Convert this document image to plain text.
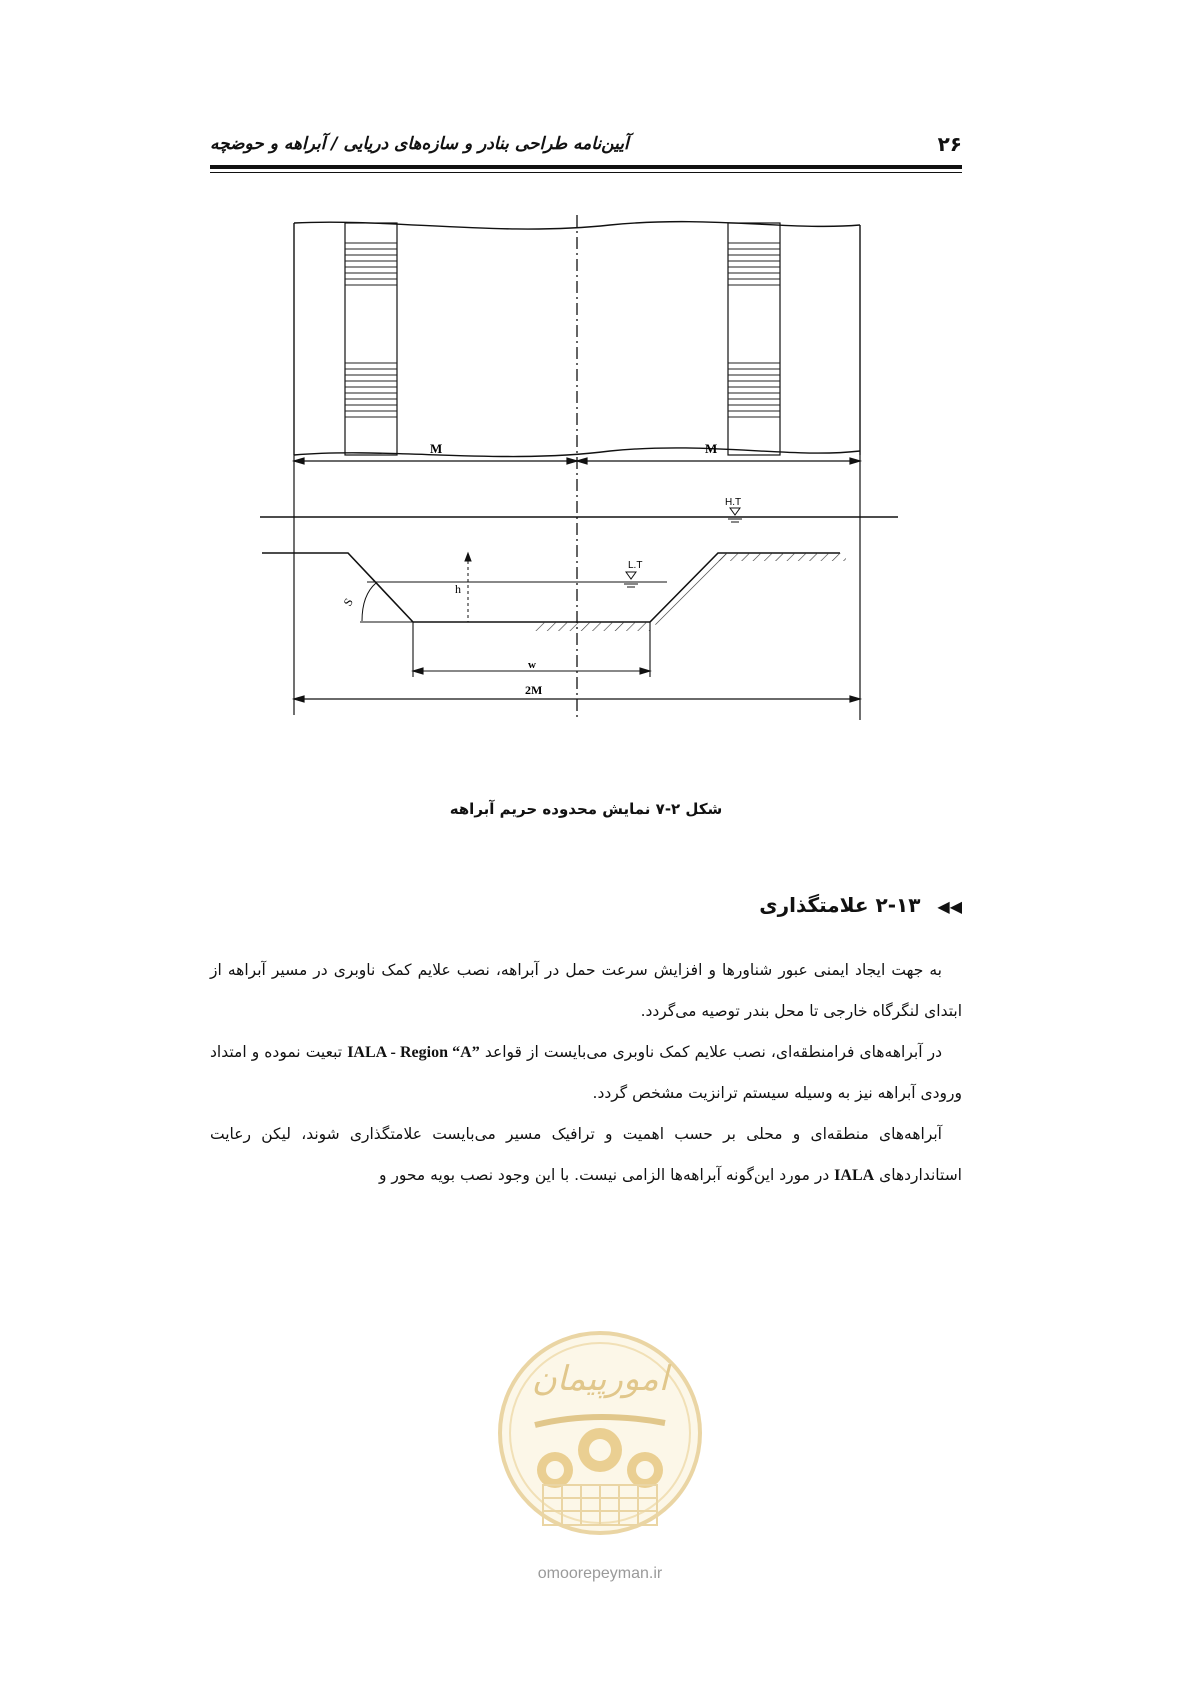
۲۶
آیین‌نامه طراحی بنادر و سازه‌های دریایی / آبراهه و حوضچه
M	M
H.T
L.T
h
S
w
2M
شکل ۲-۷ نمایش محدوده حریم آبراهه
◀◀ ۲-۱۳ علامتگذاری

به جهت ایجاد ایمنی عبور شناورها و افزایش سرعت حمل در آبراهه، نصب علایم کمک ناوبری در مسیر آبراهه از ابتدای لنگرگاه خارجی تا محل بندر توصیه می‌گردد.

در آبراهه‌های فرامنطقه‌ای، نصب علایم کمک ناوبری می‌بایست از قواعد IALA - Region “A” تبعیت نموده و امتداد ورودی آبراهه نیز به وسیله سیستم ترانزیت مشخص گردد.

آبراهه‌های منطقه‌ای و محلی بر حسب اهمیت و ترافیک مسیر می‌بایست علامتگذاری شوند، لیکن رعایت استانداردهای IALA در مورد این‌گونه آبراهه‌ها الزامی نیست. با این وجود نصب بویه محور و

امورپیمان
omoorepeyman.ir
